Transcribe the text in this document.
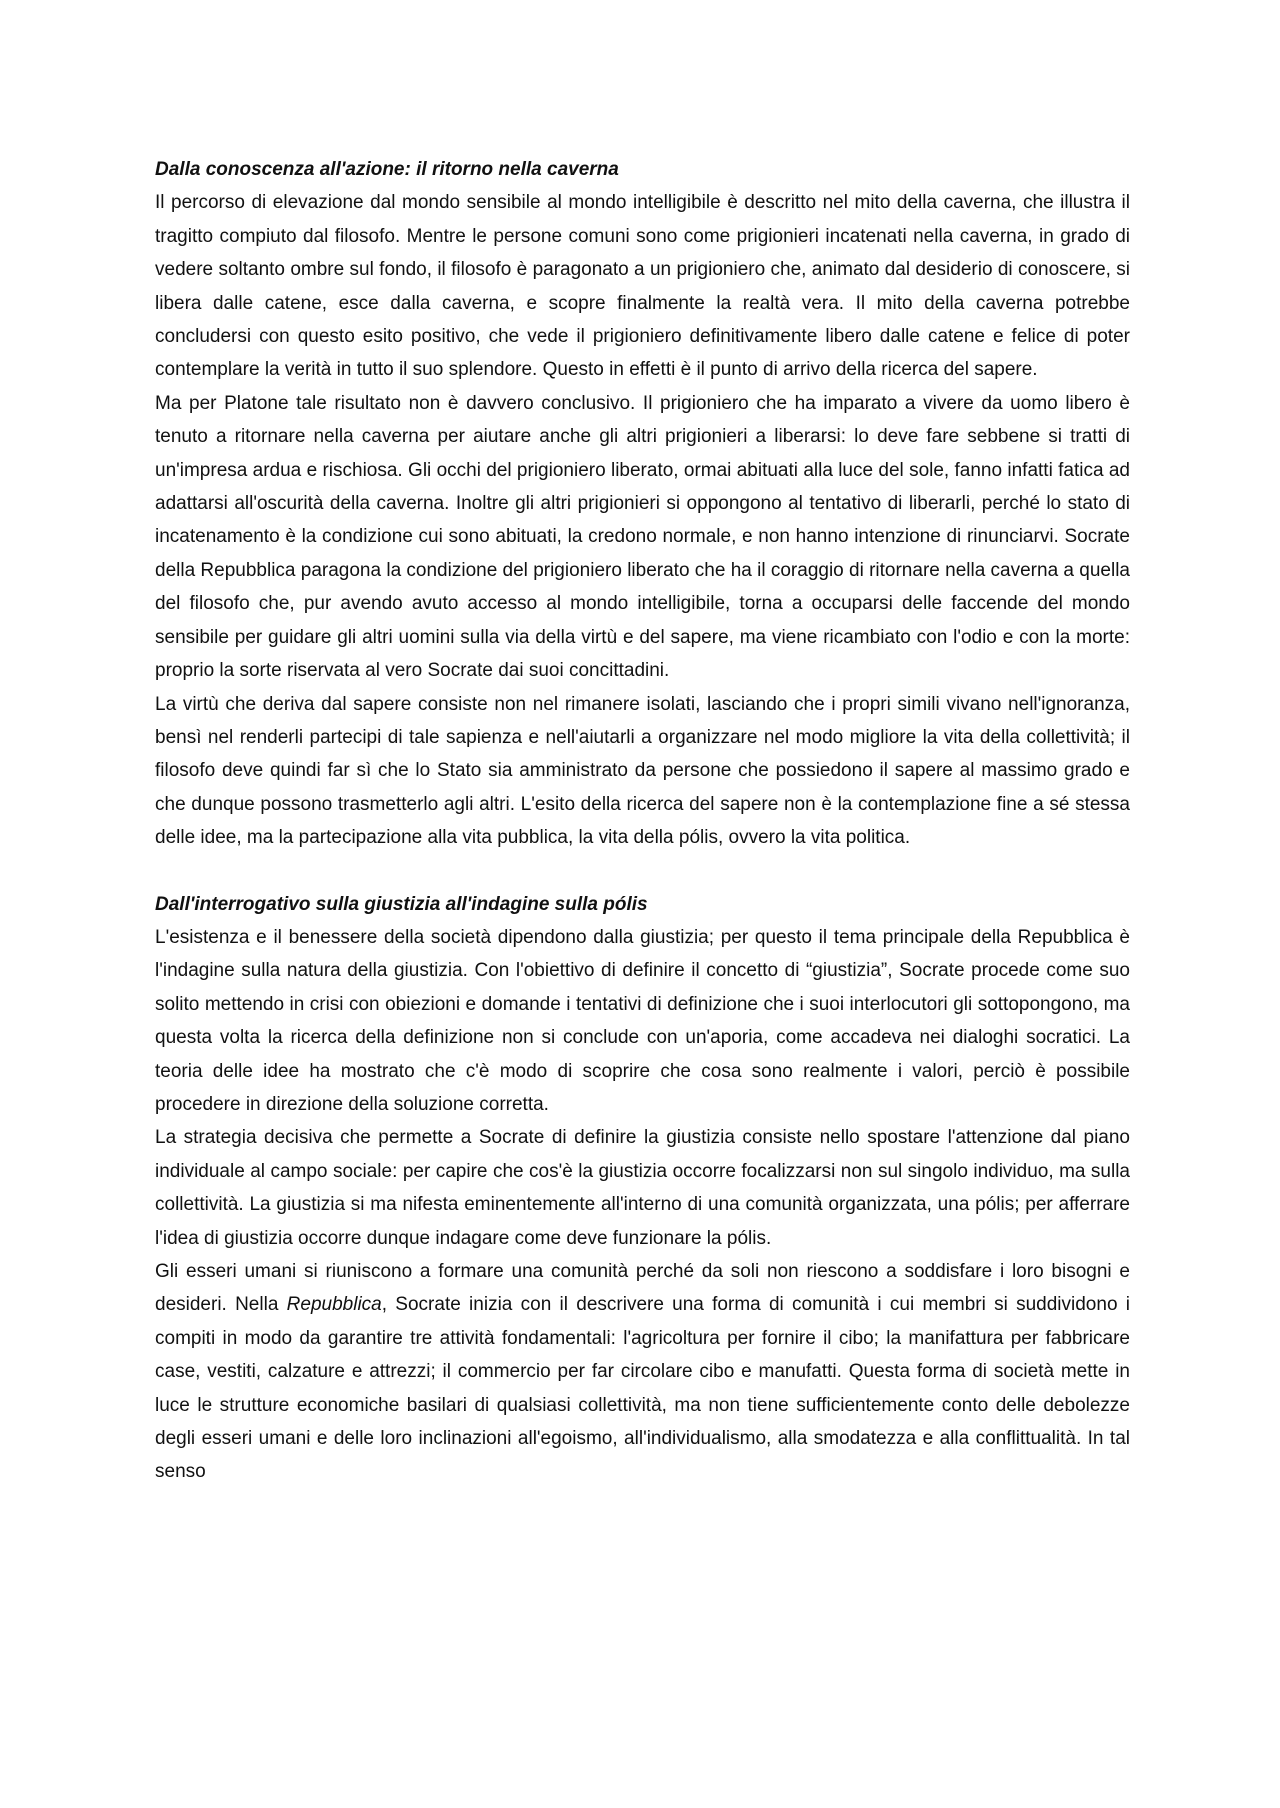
Dalla conoscenza all'azione: il ritorno nella caverna

Il percorso di elevazione dal mondo sensibile al mondo intelligibile è descritto nel mito della caverna, che illustra il tragitto compiuto dal filosofo. Mentre le persone comuni sono come prigionieri incatenati nella caverna, in grado di vedere soltanto ombre sul fondo, il filosofo è paragonato a un prigioniero che, animato dal desiderio di conoscere, si libera dalle catene, esce dalla caverna, e scopre finalmente la realtà vera. Il mito della caverna potrebbe concludersi con questo esito positivo, che vede il prigioniero definitivamente libero dalle catene e felice di poter contemplare la verità in tutto il suo splendore. Questo in effetti è il punto di arrivo della ricerca del sapere.

Ma per Platone tale risultato non è davvero conclusivo. Il prigioniero che ha imparato a vivere da uomo libero è tenuto a ritornare nella caverna per aiutare anche gli altri prigionieri a liberarsi: lo deve fare sebbene si tratti di un'impresa ardua e rischiosa. Gli occhi del prigioniero liberato, ormai abituati alla luce del sole, fanno infatti fatica ad adattarsi all'oscurità della caverna. Inoltre gli altri prigionieri si oppongono al tentativo di liberarli, perché lo stato di incatenamento è la condizione cui sono abituati, la credono normale, e non hanno intenzione di rinunciarvi. Socrate della Repubblica paragona la condizione del prigioniero liberato che ha il coraggio di ritornare nella caverna a quella del filosofo che, pur avendo avuto accesso al mondo intelligibile, torna a occuparsi delle faccende del mondo sensibile per guidare gli altri uomini sulla via della virtù e del sapere, ma viene ricambiato con l'odio e con la morte: proprio la sorte riservata al vero Socrate dai suoi concittadini.

La virtù che deriva dal sapere consiste non nel rimanere isolati, lasciando che i propri simili vivano nell'ignoranza, bensì nel renderli partecipi di tale sapienza e nell'aiutarli a organizzare nel modo migliore la vita della collettività; il filosofo deve quindi far sì che lo Stato sia amministrato da persone che possiedono il sapere al massimo grado e che dunque possono trasmetterlo agli altri. L'esito della ricerca del sapere non è la contemplazione fine a sé stessa delle idee, ma la partecipazione alla vita pubblica, la vita della pólis, ovvero la vita politica.

Dall'interrogativo sulla giustizia all'indagine sulla pólis

L'esistenza e il benessere della società dipendono dalla giustizia; per questo il tema principale della Repubblica è l'indagine sulla natura della giustizia. Con l'obiettivo di definire il concetto di “giustizia”, Socrate procede come suo solito mettendo in crisi con obiezioni e domande i tentativi di definizione che i suoi interlocutori gli sottopongono, ma questa volta la ricerca della definizione non si conclude con un'aporia, come accadeva nei dialoghi socratici. La teoria delle idee ha mostrato che c'è modo di scoprire che cosa sono realmente i valori, perciò è possibile procedere in direzione della soluzione corretta.

La strategia decisiva che permette a Socrate di definire la giustizia consiste nello spostare l'attenzione dal piano individuale al campo sociale: per capire che cos'è la giustizia occorre focalizzarsi non sul singolo individuo, ma sulla collettività. La giustizia si ma nifesta eminentemente all'interno di una comunità organizzata, una pólis; per afferrare l'idea di giustizia occorre dunque indagare come deve funzionare la pólis.

Gli esseri umani si riuniscono a formare una comunità perché da soli non riescono a soddisfare i loro bisogni e desideri. Nella Repubblica, Socrate inizia con il descrivere una forma di comunità i cui membri si suddividono i compiti in modo da garantire tre attività fondamentali: l'agricoltura per fornire il cibo; la manifattura per fabbricare case, vestiti, calzature e attrezzi; il commercio per far circolare cibo e manufatti. Questa forma di società mette in luce le strutture economiche basilari di qualsiasi collettività, ma non tiene sufficientemente conto delle debolezze degli esseri umani e delle loro inclinazioni all'egoismo, all'individualismo, alla smodatezza e alla conflittualità. In tal senso
